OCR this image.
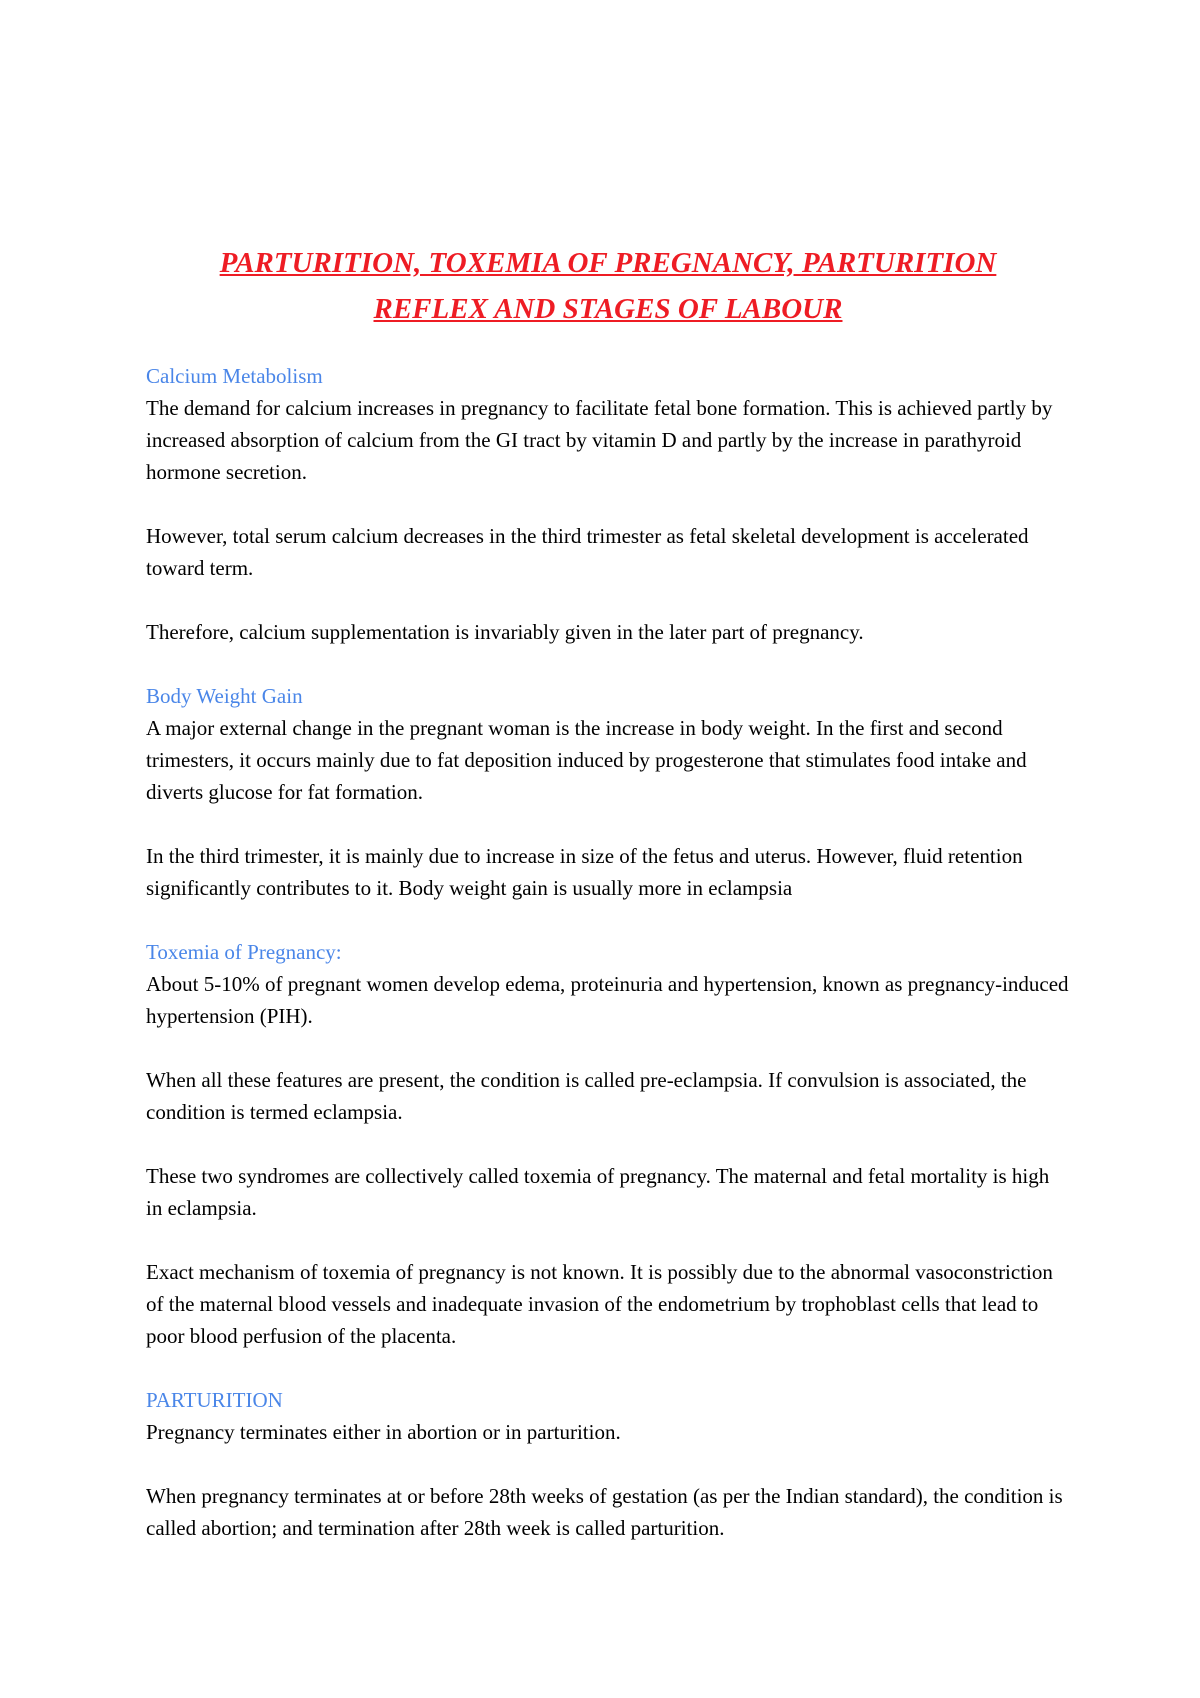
PARTURITION, TOXEMIA OF PREGNANCY, PARTURITION
REFLEX AND STAGES OF LABOUR
Calcium Metabolism

The demand for calcium increases in pregnancy to facilitate fetal bone formation. This is achieved partly by increased absorption of calcium from the GI tract by vitamin D and partly by the increase in parathyroid hormone secretion.

However, total serum calcium decreases in the third trimester as fetal skeletal development is accelerated toward term.

Therefore, calcium supplementation is invariably given in the later part of pregnancy.

Body Weight Gain

A major external change in the pregnant woman is the increase in body weight. In the first and second trimesters, it occurs mainly due to fat deposition induced by progesterone that stimulates food intake and diverts glucose for fat formation.

In the third trimester, it is mainly due to increase in size of the fetus and uterus. However, fluid retention significantly contributes to it. Body weight gain is usually more in eclampsia

Toxemia of Pregnancy:

About 5-10% of pregnant women develop edema, proteinuria and hypertension, known as pregnancy-induced hypertension (PIH).

When all these features are present, the condition is called pre-eclampsia. If convulsion is associated, the condition is termed eclampsia.

These two syndromes are collectively called toxemia of pregnancy. The maternal and fetal mortality is high in eclampsia.

Exact mechanism of toxemia of pregnancy is not known. It is possibly due to the abnormal vasoconstriction of the maternal blood vessels and inadequate invasion of the endometrium by trophoblast cells that lead to poor blood perfusion of the placenta.

PARTURITION

Pregnancy terminates either in abortion or in parturition.

When pregnancy terminates at or before 28th weeks of gestation (as per the Indian standard), the condition is called abortion; and termination after 28th week is called parturition.
